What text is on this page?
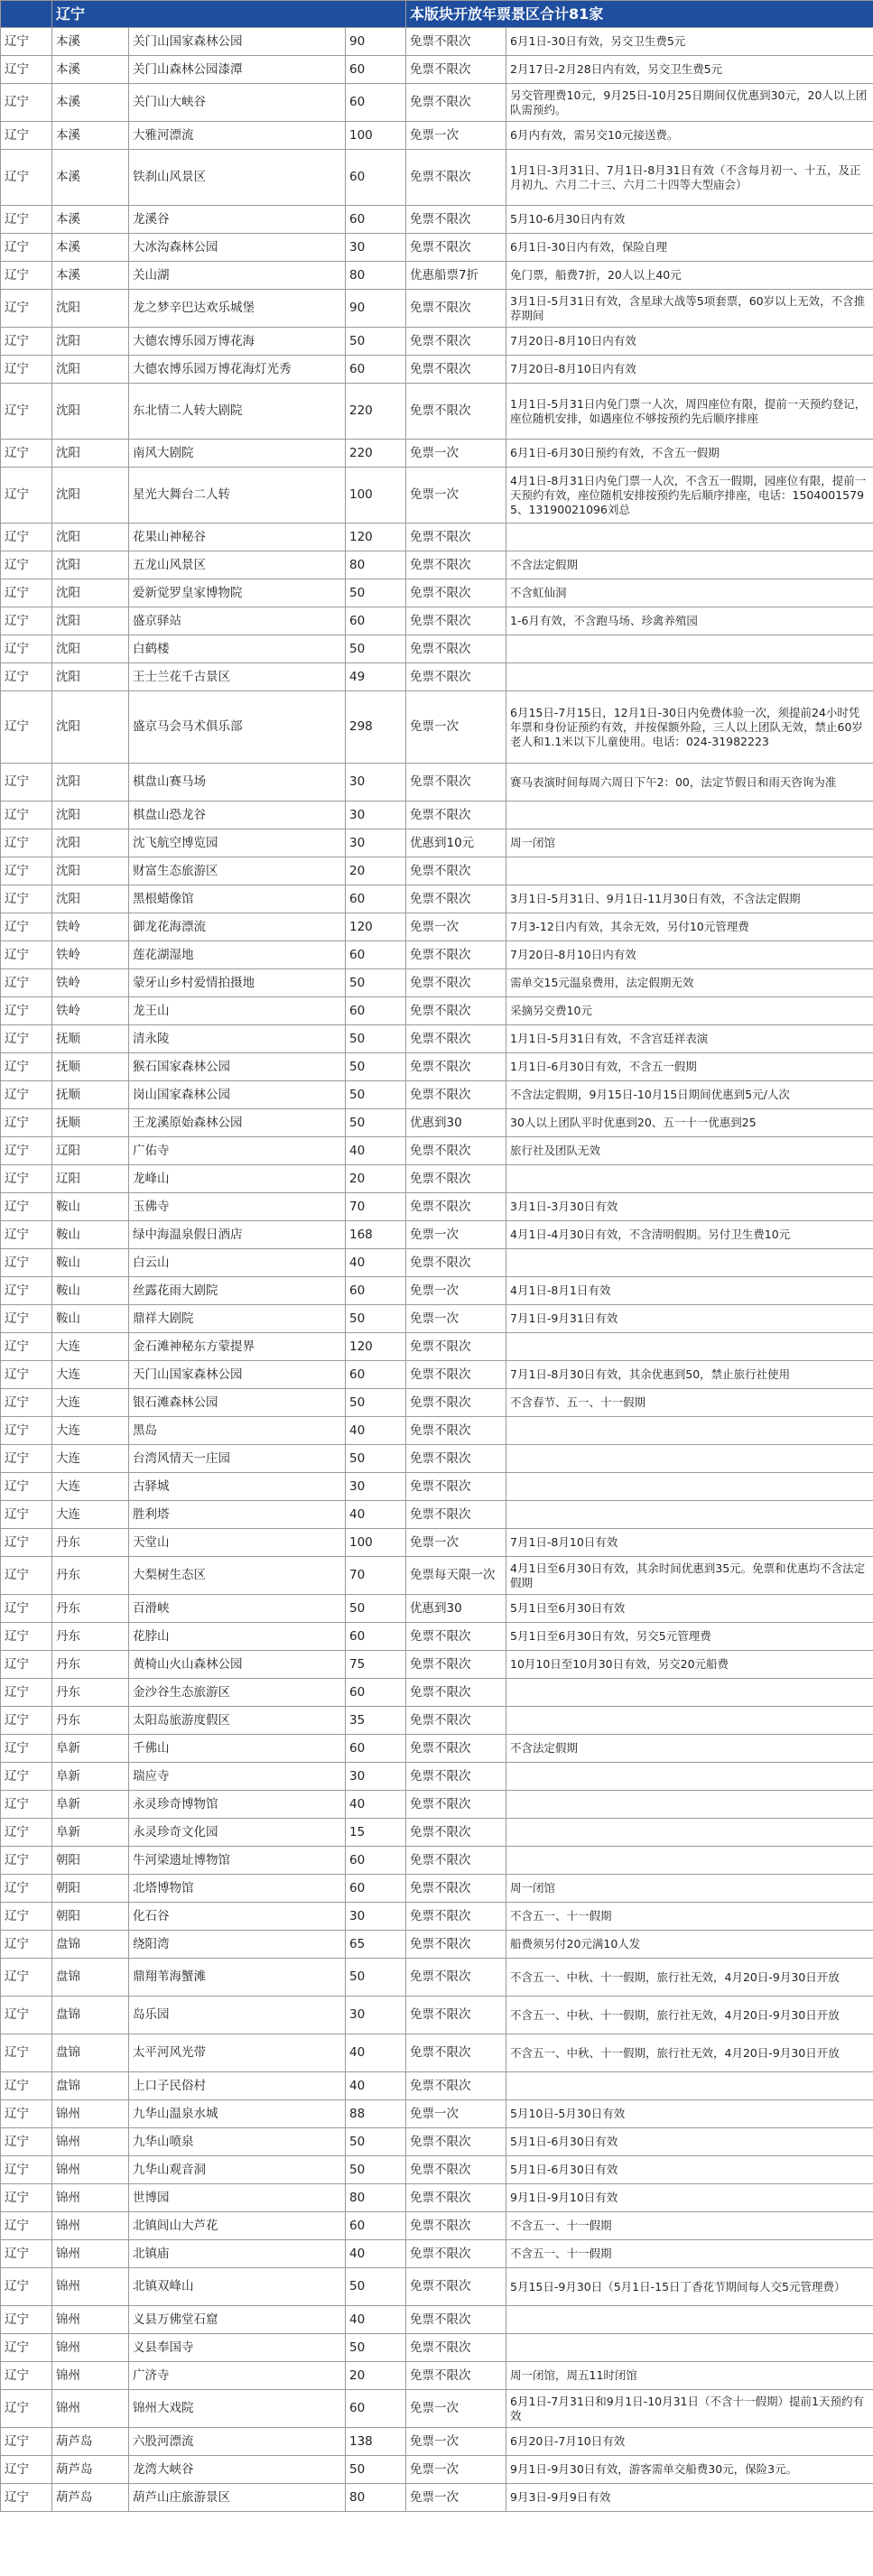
	辽宁			本版块开放年票景区合计81家	
辽宁	本溪	关门山国家森林公园	90	免票不限次	6月1日-30日有效，另交卫生费5元
辽宁	本溪	关门山森林公园漆潭	60	免票不限次	2月17日-2月28日内有效，另交卫生费5元
辽宁	本溪	关门山大峡谷	60	免票不限次	另交管理费10元，9月25日-10月25日期间仅优惠到30元，20人以上团队需预约。
辽宁	本溪	大雅河漂流	100	免票一次	6月内有效，需另交10元接送费。
辽宁	本溪	铁刹山风景区	60	免票不限次	1月1日-3月31日、7月1日-8月31日有效（不含每月初一、十五，及正月初九、六月二十三、六月二十四等大型庙会）
辽宁	本溪	龙溪谷	60	免票不限次	5月10-6月30日内有效
辽宁	本溪	大冰沟森林公园	30	免票不限次	6月1日-30日内有效，保险自理
辽宁	本溪	关山湖	80	优惠船票7折	免门票，船费7折，20人以上40元
辽宁	沈阳	龙之梦辛巴达欢乐城堡	90	免票不限次	3月1日-5月31日有效，含星球大战等5项套票，60岁以上无效，不含推荐期间
辽宁	沈阳	大德农博乐园万博花海	50	免票不限次	7月20日-8月10日内有效
辽宁	沈阳	大德农博乐园万博花海灯光秀	60	免票不限次	7月20日-8月10日内有效
辽宁	沈阳	东北情二人转大剧院	220	免票不限次	1月1日-5月31日内免门票一人次，周四座位有限，提前一天预约登记，座位随机安排，如遇座位不够按预约先后顺序排座
辽宁	沈阳	南风大剧院	220	免票一次	6月1日-6月30日预约有效，不含五一假期
辽宁	沈阳	星光大舞台二人转	100	免票一次	4月1日-8月31日内免门票一人次，不含五一假期，园座位有限，提前一天预约有效，座位随机安排按预约先后顺序排座，电话：15040015795、13190021096刘总
辽宁	沈阳	花果山神秘谷	120	免票不限次	
辽宁	沈阳	五龙山风景区	80	免票不限次	不含法定假期
辽宁	沈阳	爱新觉罗皇家博物院	50	免票不限次	不含虹仙洞
辽宁	沈阳	盛京驿站	60	免票不限次	1-6月有效，不含跑马场、珍禽养殖园
辽宁	沈阳	白鹤楼	50	免票不限次	
辽宁	沈阳	王士兰花千古景区	49	免票不限次	
辽宁	沈阳	盛京马会马术俱乐部	298	免票一次	6月15日-7月15日，12月1日-30日内免费体验一次，须提前24小时凭年票和身份证预约有效，并按保额外险，三人以上团队无效，禁止60岁老人和1.1米以下儿童使用。电话：024-31982223
辽宁	沈阳	棋盘山赛马场	30	免票不限次	赛马表演时间每周六周日下午2：00，法定节假日和雨天咨询为准
辽宁	沈阳	棋盘山恐龙谷	30	免票不限次	
辽宁	沈阳	沈飞航空博览园	30	优惠到10元	周一闭馆
辽宁	沈阳	财富生态旅游区	20	免票不限次	
辽宁	沈阳	黑根蜡像馆	60	免票不限次	3月1日-5月31日、9月1日-11月30日有效，不含法定假期
辽宁	铁岭	御龙花海漂流	120	免票一次	7月3-12日内有效，其余无效，另付10元管理费
辽宁	铁岭	莲花湖湿地	60	免票不限次	7月20日-8月10日内有效
辽宁	铁岭	蒙牙山乡村爱情拍摄地	50	免票不限次	需单交15元温泉费用，法定假期无效
辽宁	铁岭	龙王山	60	免票不限次	采摘另交费10元
辽宁	抚顺	清永陵	50	免票不限次	1月1日-5月31日有效，不含宫廷祥表演
辽宁	抚顺	猴石国家森林公园	50	免票不限次	1月1日-6月30日有效，不含五一假期
辽宁	抚顺	岗山国家森林公园	50	免票不限次	不含法定假期，9月15日-10月15日期间优惠到5元/人次
辽宁	抚顺	王龙溪原始森林公园	50	优惠到30	30人以上团队平时优惠到20、五一十一优惠到25
辽宁	辽阳	广佑寺	40	免票不限次	旅行社及团队无效
辽宁	辽阳	龙峰山	20	免票不限次	
辽宁	鞍山	玉佛寺	70	免票不限次	3月1日-3月30日有效
辽宁	鞍山	绿中海温泉假日酒店	168	免票一次	4月1日-4月30日有效，不含清明假期。另付卫生费10元
辽宁	鞍山	白云山	40	免票不限次	
辽宁	鞍山	丝露花雨大剧院	60	免票一次	4月1日-8月1日有效
辽宁	鞍山	鼎祥大剧院	50	免票一次	7月1日-9月31日有效
辽宁	大连	金石滩神秘东方蒙提界	120	免票不限次	
辽宁	大连	天门山国家森林公园	60	免票不限次	7月1日-8月30日有效，其余优惠到50，禁止旅行社使用
辽宁	大连	银石滩森林公园	50	免票不限次	不含春节、五一、十一假期
辽宁	大连	黑岛	40	免票不限次	
辽宁	大连	台湾风情天一庄园	50	免票不限次	
辽宁	大连	古驿城	30	免票不限次	
辽宁	大连	胜利塔	40	免票不限次	
辽宁	丹东	天堂山	100	免票一次	7月1日-8月10日有效
辽宁	丹东	大梨树生态区	70	免票每天限一次	4月1日至6月30日有效，其余时间优惠到35元。免票和优惠均不含法定假期
辽宁	丹东	百滑峡	50	优惠到30	5月1日至6月30日有效
辽宁	丹东	花脖山	60	免票不限次	5月1日至6月30日有效，另交5元管理费
辽宁	丹东	黄椅山火山森林公园	75	免票不限次	10月10日至10月30日有效，另交20元船费
辽宁	丹东	金沙谷生态旅游区	60	免票不限次	
辽宁	丹东	太阳岛旅游度假区	35	免票不限次	
辽宁	阜新	千佛山	60	免票不限次	不含法定假期
辽宁	阜新	瑞应寺	30	免票不限次	
辽宁	阜新	永灵珍奇博物馆	40	免票不限次	
辽宁	阜新	永灵珍奇文化园	15	免票不限次	
辽宁	朝阳	牛河梁遗址博物馆	60	免票不限次	
辽宁	朝阳	北塔博物馆	60	免票不限次	周一闭馆
辽宁	朝阳	化石谷	30	免票不限次	不含五一、十一假期
辽宁	盘锦	绕阳湾	65	免票不限次	船费须另付20元满10人发
辽宁	盘锦	鼎翔苇海蟹滩	50	免票不限次	不含五一、中秋、十一假期，旅行社无效，4月20日-9月30日开放
辽宁	盘锦	岛乐园	30	免票不限次	不含五一、中秋、十一假期，旅行社无效，4月20日-9月30日开放
辽宁	盘锦	太平河风光带	40	免票不限次	不含五一、中秋、十一假期，旅行社无效，4月20日-9月30日开放
辽宁	盘锦	上口子民俗村	40	免票不限次	
辽宁	锦州	九华山温泉水城	88	免票一次	5月10日-5月30日有效
辽宁	锦州	九华山喷泉	50	免票不限次	5月1日-6月30日有效
辽宁	锦州	九华山观音洞	50	免票不限次	5月1日-6月30日有效
辽宁	锦州	世博园	80	免票不限次	9月1日-9月10日有效
辽宁	锦州	北镇闾山大芦花	60	免票不限次	不含五一、十一假期
辽宁	锦州	北镇庙	40	免票不限次	不含五一、十一假期
辽宁	锦州	北镇双峰山	50	免票不限次	5月15日-9月30日（5月1日-15日丁香花节期间每人交5元管理费）
辽宁	锦州	义县万佛堂石窟	40	免票不限次	
辽宁	锦州	义县奉国寺	50	免票不限次	
辽宁	锦州	广济寺	20	免票不限次	周一闭馆，周五11时闭馆
辽宁	锦州	锦州大戏院	60	免票一次	6月1日-7月31日和9月1日-10月31日（不含十一假期）提前1天预约有效
辽宁	葫芦岛	六股河漂流	138	免票一次	6月20日-7月10日有效
辽宁	葫芦岛	龙湾大峡谷	50	免票一次	9月1日-9月30日有效，游客需单交船费30元，保险3元。
辽宁	葫芦岛	葫芦山庄旅游景区	80	免票一次	9月3日-9月9日有效
